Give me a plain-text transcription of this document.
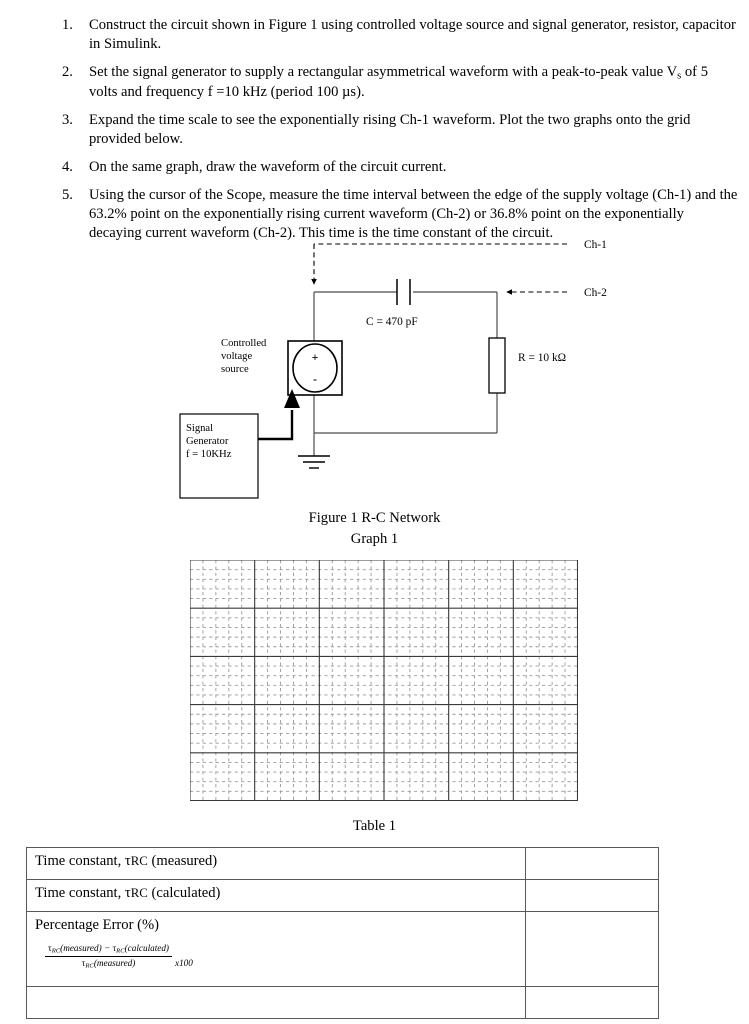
1.	Construct the circuit shown in Figure 1 using controlled voltage source and signal generator, resistor, capacitor in Simulink.
2.	Set the signal generator to supply a rectangular asymmetrical waveform with a peak-to-peak value $V_s$ of 5 volts and frequency f =10 kHz (period 100 µs).
3.	Expand the time scale to see the exponentially rising Ch-1 waveform. Plot the two graphs onto the grid provided below.
4.	On the same graph, draw the waveform of the circuit current.
5.	Using the cursor of the Scope, measure the time interval between the edge of the supply voltage (Ch-1) and the 63.2% point on the exponentially rising current waveform (Ch-2) or 36.8% point on the exponentially decaying current waveform (Ch-2). This time is the time constant of the circuit.
Ch-1
Ch-2
C = 470 pF
R = 10 kΩ
+
-
Controlled
voltage
source
Signal
Generator
f = 10KHz
Figure 1 R-C Network
Graph 1
Table 1
Time constant, τRC (measured)	
Time constant, τRC (calculated)	

Percentage Error (%)
$\frac{\text{τRC(measured) − τRC(calculated)}}{\text{τRC(measured)}} x100$	
